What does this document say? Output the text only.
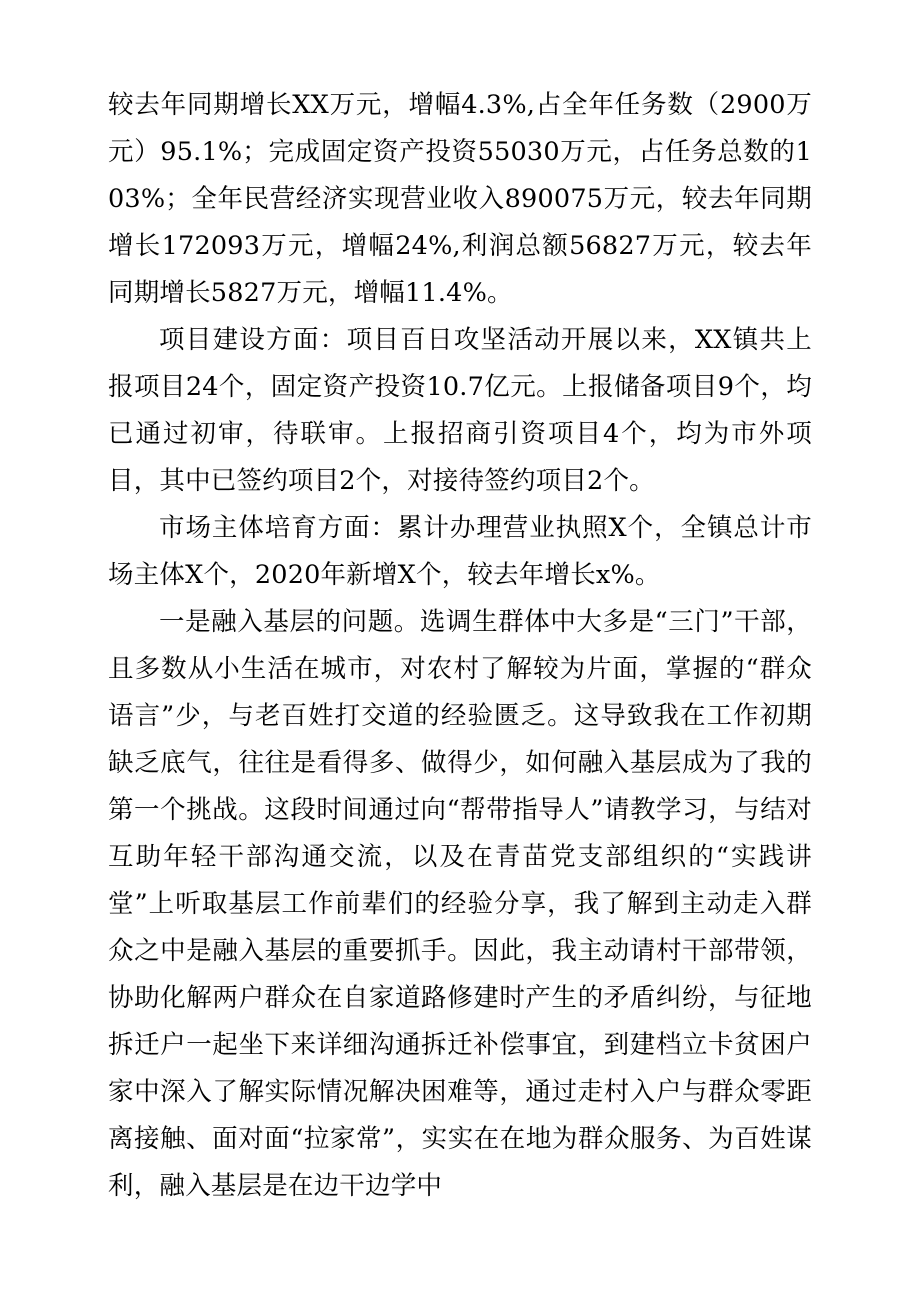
较去年同期增长XX万元，增幅4.3%,占全年任务数（2900万元）95.1%；完成固定资产投资55030万元，占任务总数的103%；全年民营经济实现营业收入890075万元，较去年同期增长172093万元，增幅24%,利润总额56827万元，较去年同期增长5827万元，增幅11.4%。

项目建设方面：项目百日攻坚活动开展以来，XX镇共上报项目24个，固定资产投资10.7亿元。上报储备项目9个，均已通过初审，待联审。上报招商引资项目4个，均为市外项目，其中已签约项目2个，对接待签约项目2个。

市场主体培育方面：累计办理营业执照X个，全镇总计市场主体X个，2020年新增X个，较去年增长x%。

一是融入基层的问题。选调生群体中大多是“三门”干部，且多数从小生活在城市，对农村了解较为片面，掌握的“群众语言”少，与老百姓打交道的经验匮乏。这导致我在工作初期缺乏底气，往往是看得多、做得少，如何融入基层成为了我的第一个挑战。这段时间通过向“帮带指导人”请教学习，与结对互助年轻干部沟通交流，以及在青苗党支部组织的“实践讲堂”上听取基层工作前辈们的经验分享，我了解到主动走入群众之中是融入基层的重要抓手。因此，我主动请村干部带领，协助化解两户群众在自家道路修建时产生的矛盾纠纷，与征地拆迁户一起坐下来详细沟通拆迁补偿事宜，到建档立卡贫困户家中深入了解实际情况解决困难等，通过走村入户与群众零距离接触、面对面“拉家常”，实实在在地为群众服务、为百姓谋利，融入基层是在边干边学中
